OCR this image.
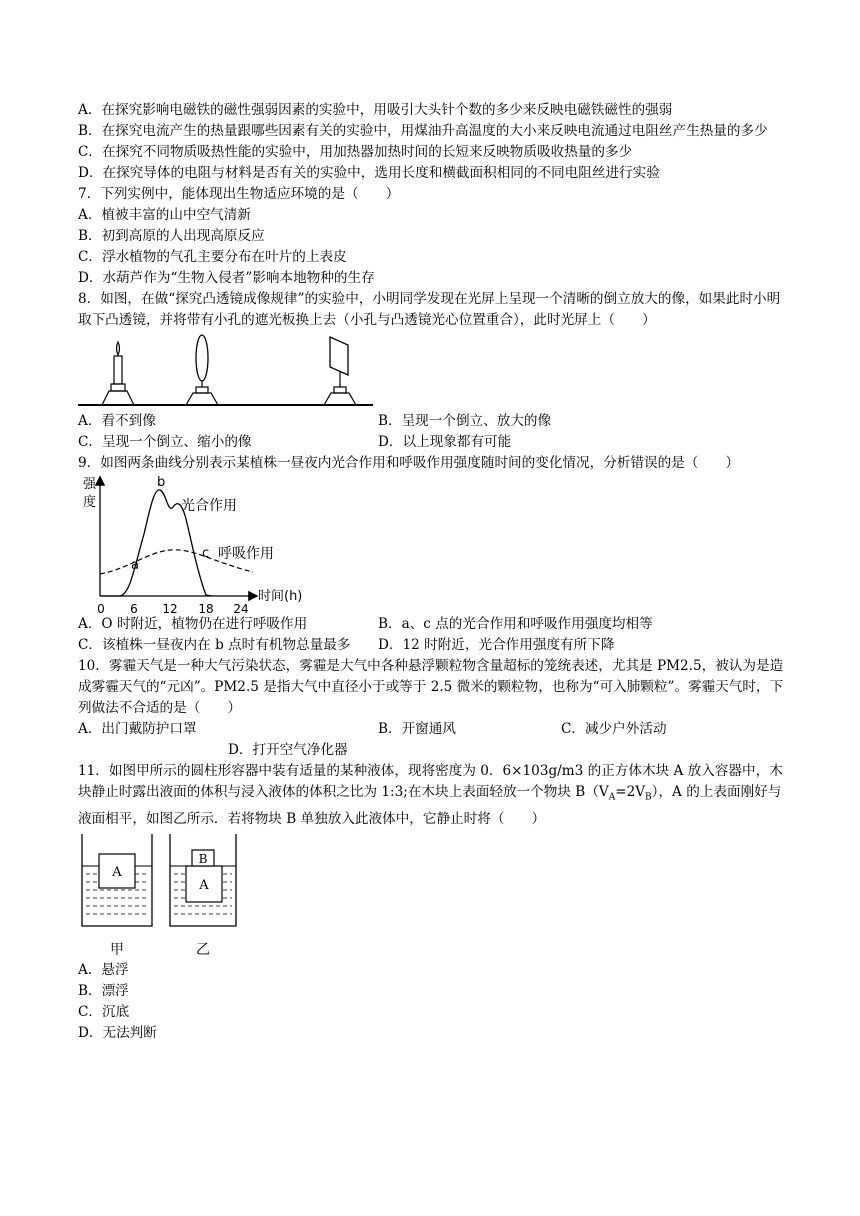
A．在探究影响电磁铁的磁性强弱因素的实验中，用吸引大头针个数的多少来反映电磁铁磁性的强弱
B．在探究电流产生的热量跟哪些因素有关的实验中，用煤油升高温度的大小来反映电流通过电阻丝产生热量的多少
C．在探究不同物质吸热性能的实验中，用加热器加热时间的长短来反映物质吸收热量的多少
D．在探究导体的电阻与材料是否有关的实验中，选用长度和横截面积相同的不同电阻丝进行实验
7．下列实例中，能体现出生物适应环境的是（　　）
A．植被丰富的山中空气清新
B．初到高原的人出现高原反应
C．浮水植物的气孔主要分布在叶片的上表皮
D．水葫芦作为“生物入侵者”影响本地物种的生存
8．如图，在做“探究凸透镜成像规律”的实验中，小明同学发现在光屏上呈现一个清晰的倒立放大的像，如果此时小明取下凸透镜，并将带有小孔的遮光板换上去（小孔与凸透镜光心位置重合），此时光屏上（　　）
A．看不到像	B．呈现一个倒立、放大的像
C．呈现一个倒立、缩小的像	D．以上现象都有可能
9．如图两条曲线分别表示某植株一昼夜内光合作用和呼吸作用强度随时间的变化情况，分析错误的是（　　）
强
度
时间(h)
0 6 12 18 24
a
b
c
光合作用
呼吸作用
A．O 时附近，植物仍在进行呼吸作用	B．a、c 点的光合作用和呼吸作用强度均相等
C．该植株一昼夜内在 b 点时有机物总量最多	D．12 时附近，光合作用强度有所下降
10．雾霾天气是一种大气污染状态，雾霾是大气中各种悬浮颗粒物含量超标的笼统表述，尤其是 PM2.5，被认为是造成雾霾天气的“元凶”。PM2.5 是指大气中直径小于或等于 2.5 微米的颗粒物，也称为“可入肺颗粒”。雾霾天气时，下列做法不合适的是（　　）
A．出门戴防护口罩	B．开窗通风	C．减少户外活动
D．打开空气净化器
11．如图甲所示的圆柱形容器中装有适量的某种液体，现将密度为 0．6×103g/m3 的正方体木块 A 放入容器中，木块静止时露出液面的体积与浸入液体的体积之比为 1:3;在木块上表面轻放一个物块 $B(V_A=2V_B)$，A 的上表面刚好与液面相平，如图乙所示．若将物块 B 单独放入此液体中，它静止时将（　　）
A
A
B
甲	乙
A．悬浮
B．漂浮
C．沉底
D．无法判断
